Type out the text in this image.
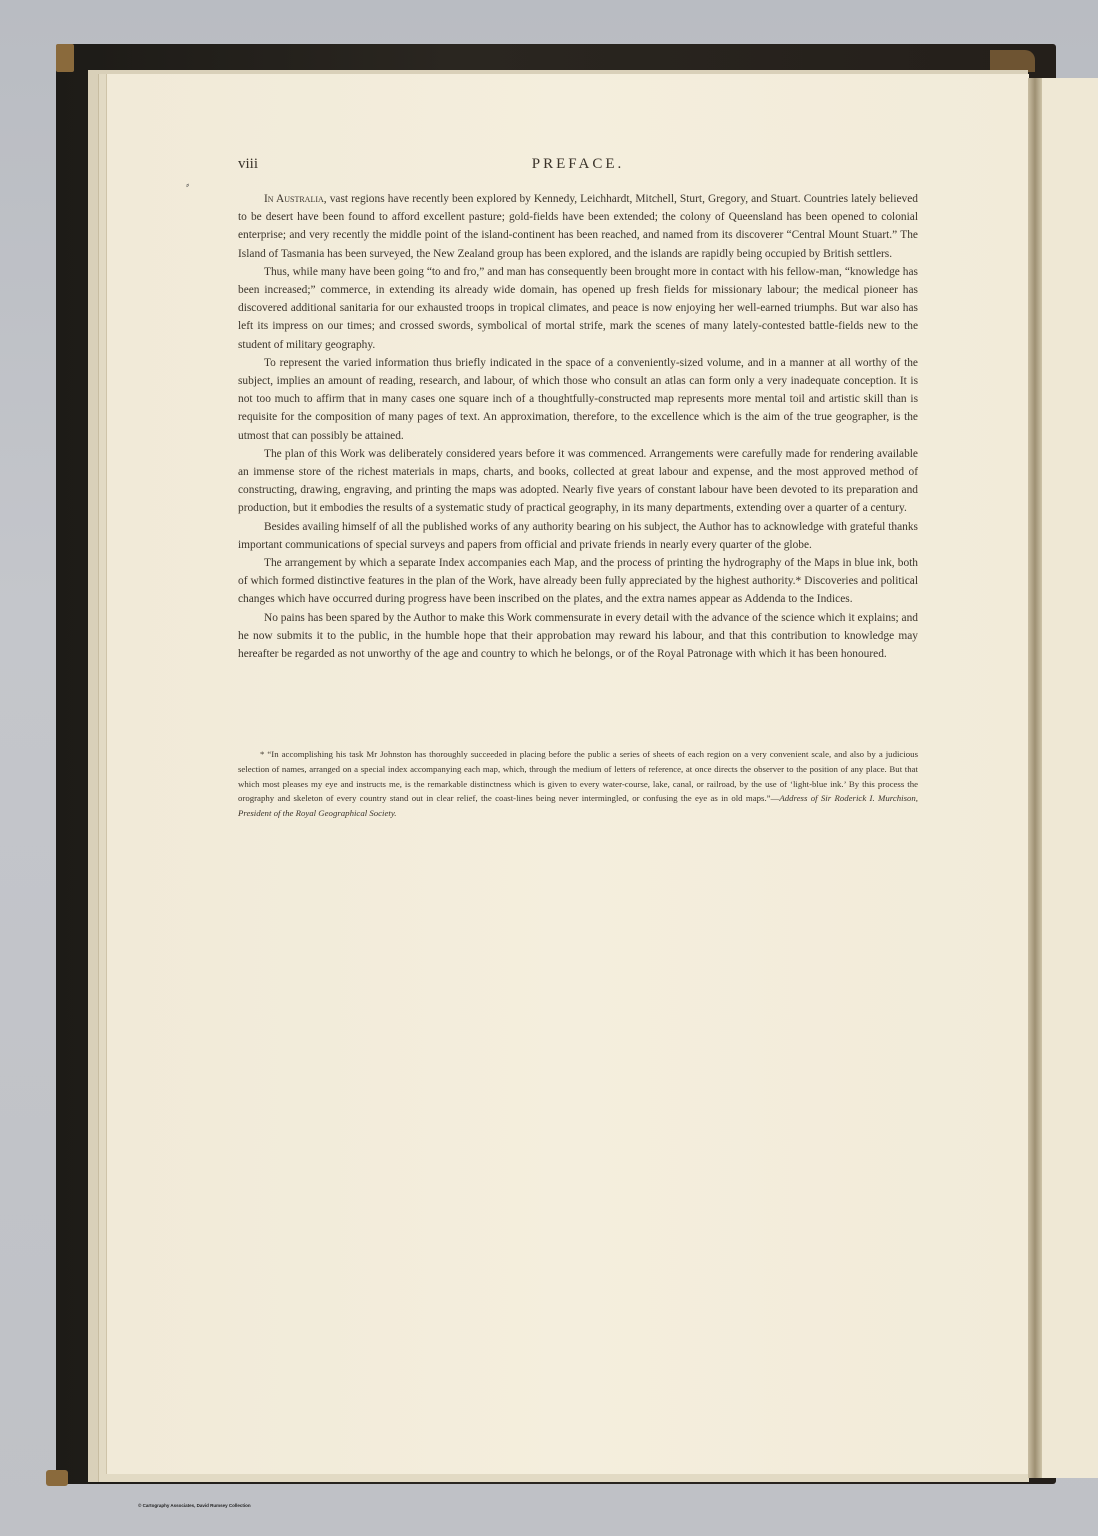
⸗
viii	PREFACE.

In Australia, vast regions have recently been explored by Kennedy, Leichhardt, Mitchell, Sturt, Gregory, and Stuart. Countries lately believed to be desert have been found to afford excellent pasture; gold-fields have been extended; the colony of Queensland has been opened to colonial enterprise; and very recently the middle point of the island-continent has been reached, and named from its discoverer “Central Mount Stuart.” The Island of Tasmania has been surveyed, the New Zealand group has been explored, and the islands are rapidly being occupied by British settlers.

Thus, while many have been going “to and fro,” and man has consequently been brought more in contact with his fellow-man, “knowledge has been increased;” commerce, in extending its already wide domain, has opened up fresh fields for missionary labour; the medical pioneer has discovered additional sanitaria for our exhausted troops in tropical climates, and peace is now enjoying her well-earned triumphs. But war also has left its impress on our times; and crossed swords, symbolical of mortal strife, mark the scenes of many lately-contested battle-fields new to the student of military geography.

To represent the varied information thus briefly indicated in the space of a conveniently-sized volume, and in a manner at all worthy of the subject, implies an amount of reading, research, and labour, of which those who consult an atlas can form only a very inadequate conception. It is not too much to affirm that in many cases one square inch of a thoughtfully-constructed map represents more mental toil and artistic skill than is requisite for the composition of many pages of text. An approximation, therefore, to the excellence which is the aim of the true geographer, is the utmost that can possibly be attained.

The plan of this Work was deliberately considered years before it was commenced. Arrangements were carefully made for rendering available an immense store of the richest materials in maps, charts, and books, collected at great labour and expense, and the most approved method of constructing, drawing, engraving, and printing the maps was adopted. Nearly five years of constant labour have been devoted to its preparation and production, but it embodies the results of a systematic study of practical geography, in its many departments, extending over a quarter of a century.

Besides availing himself of all the published works of any authority bearing on his subject, the Author has to acknowledge with grateful thanks important communications of special surveys and papers from official and private friends in nearly every quarter of the globe.

The arrangement by which a separate Index accompanies each Map, and the process of printing the hydrography of the Maps in blue ink, both of which formed distinctive features in the plan of the Work, have already been fully appreciated by the highest authority.* Discoveries and political changes which have occurred during progress have been inscribed on the plates, and the extra names appear as Addenda to the Indices.

No pains has been spared by the Author to make this Work commensurate in every detail with the advance of the science which it explains; and he now submits it to the public, in the humble hope that their approbation may reward his labour, and that this contribution to knowledge may hereafter be regarded as not unworthy of the age and country to which he belongs, or of the Royal Patronage with which it has been honoured.

* “In accomplishing his task Mr Johnston has thoroughly succeeded in placing before the public a series of sheets of each region on a very convenient scale, and also by a judicious selection of names, arranged on a special index accompanying each map, which, through the medium of letters of reference, at once directs the observer to the position of any place. But that which most pleases my eye and instructs me, is the remarkable distinctness which is given to every water-course, lake, canal, or railroad, by the use of ‘light-blue ink.’ By this process the orography and skeleton of every country stand out in clear relief, the coast-lines being never intermingled, or confusing the eye as in old maps.”—Address of Sir Roderick I. Murchison, President of the Royal Geographical Society.
© Cartography Associates, David Rumsey Collection
